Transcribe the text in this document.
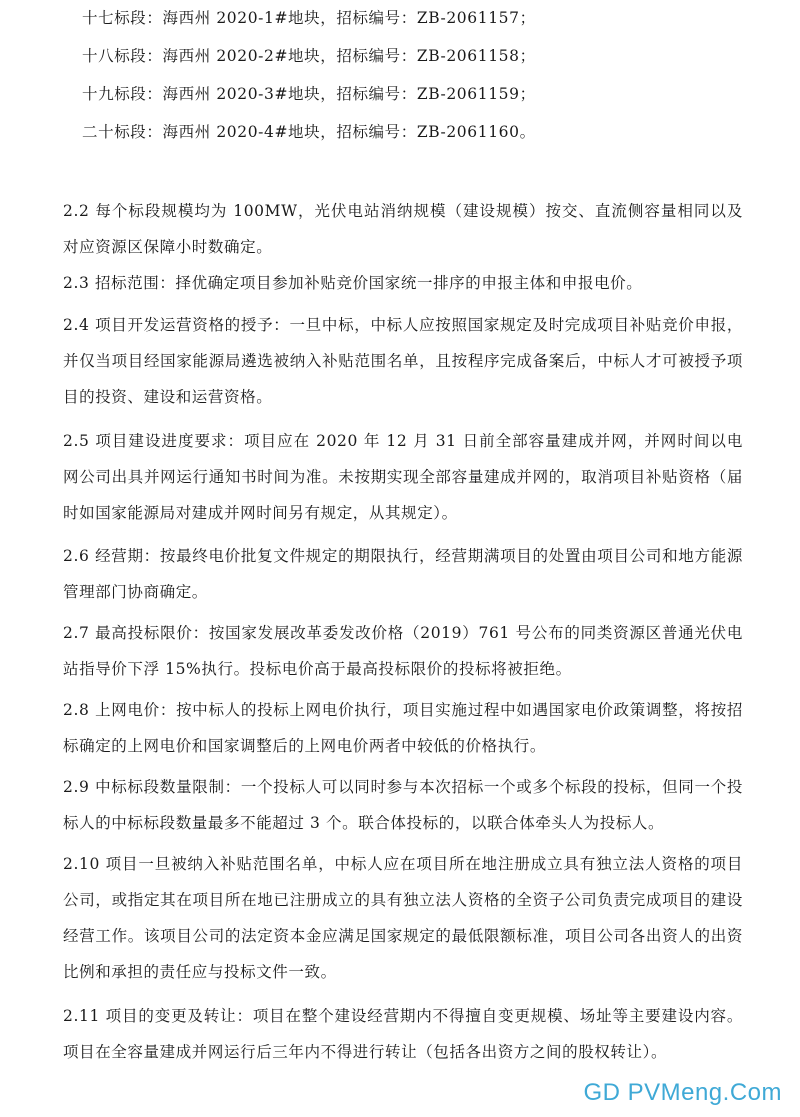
十七标段：海西州 2020-1#地块，招标编号：ZB-2061157；
十八标段：海西州 2020-2#地块，招标编号：ZB-2061158；
十九标段：海西州 2020-3#地块，招标编号：ZB-2061159；
二十标段：海西州 2020-4#地块，招标编号：ZB-2061160。
2.2 每个标段规模均为 100MW，光伏电站消纳规模（建设规模）按交、直流侧容量相同以及对应资源区保障小时数确定。
2.3 招标范围：择优确定项目参加补贴竞价国家统一排序的申报主体和申报电价。
2.4 项目开发运营资格的授予：一旦中标，中标人应按照国家规定及时完成项目补贴竞价申报，并仅当项目经国家能源局遴选被纳入补贴范围名单，且按程序完成备案后，中标人才可被授予项目的投资、建设和运营资格。
2.5 项目建设进度要求：项目应在 2020 年 12 月 31 日前全部容量建成并网，并网时间以电网公司出具并网运行通知书时间为准。未按期实现全部容量建成并网的，取消项目补贴资格（届时如国家能源局对建成并网时间另有规定，从其规定）。
2.6 经营期：按最终电价批复文件规定的期限执行，经营期满项目的处置由项目公司和地方能源管理部门协商确定。
2.7 最高投标限价：按国家发展改革委发改价格（2019）761 号公布的同类资源区普通光伏电站指导价下浮 15%执行。投标电价高于最高投标限价的投标将被拒绝。
2.8 上网电价：按中标人的投标上网电价执行，项目实施过程中如遇国家电价政策调整，将按招标确定的上网电价和国家调整后的上网电价两者中较低的价格执行。
2.9 中标标段数量限制：一个投标人可以同时参与本次招标一个或多个标段的投标，但同一个投标人的中标标段数量最多不能超过 3 个。联合体投标的，以联合体牵头人为投标人。
2.10 项目一旦被纳入补贴范围名单，中标人应在项目所在地注册成立具有独立法人资格的项目公司，或指定其在项目所在地已注册成立的具有独立法人资格的全资子公司负责完成项目的建设经营工作。该项目公司的法定资本金应满足国家规定的最低限额标准，项目公司各出资人的出资比例和承担的责任应与投标文件一致。
2.11 项目的变更及转让：项目在整个建设经营期内不得擅自变更规模、场址等主要建设内容。项目在全容量建成并网运行后三年内不得进行转让（包括各出资方之间的股权转让）。
GD PVMeng.Com
